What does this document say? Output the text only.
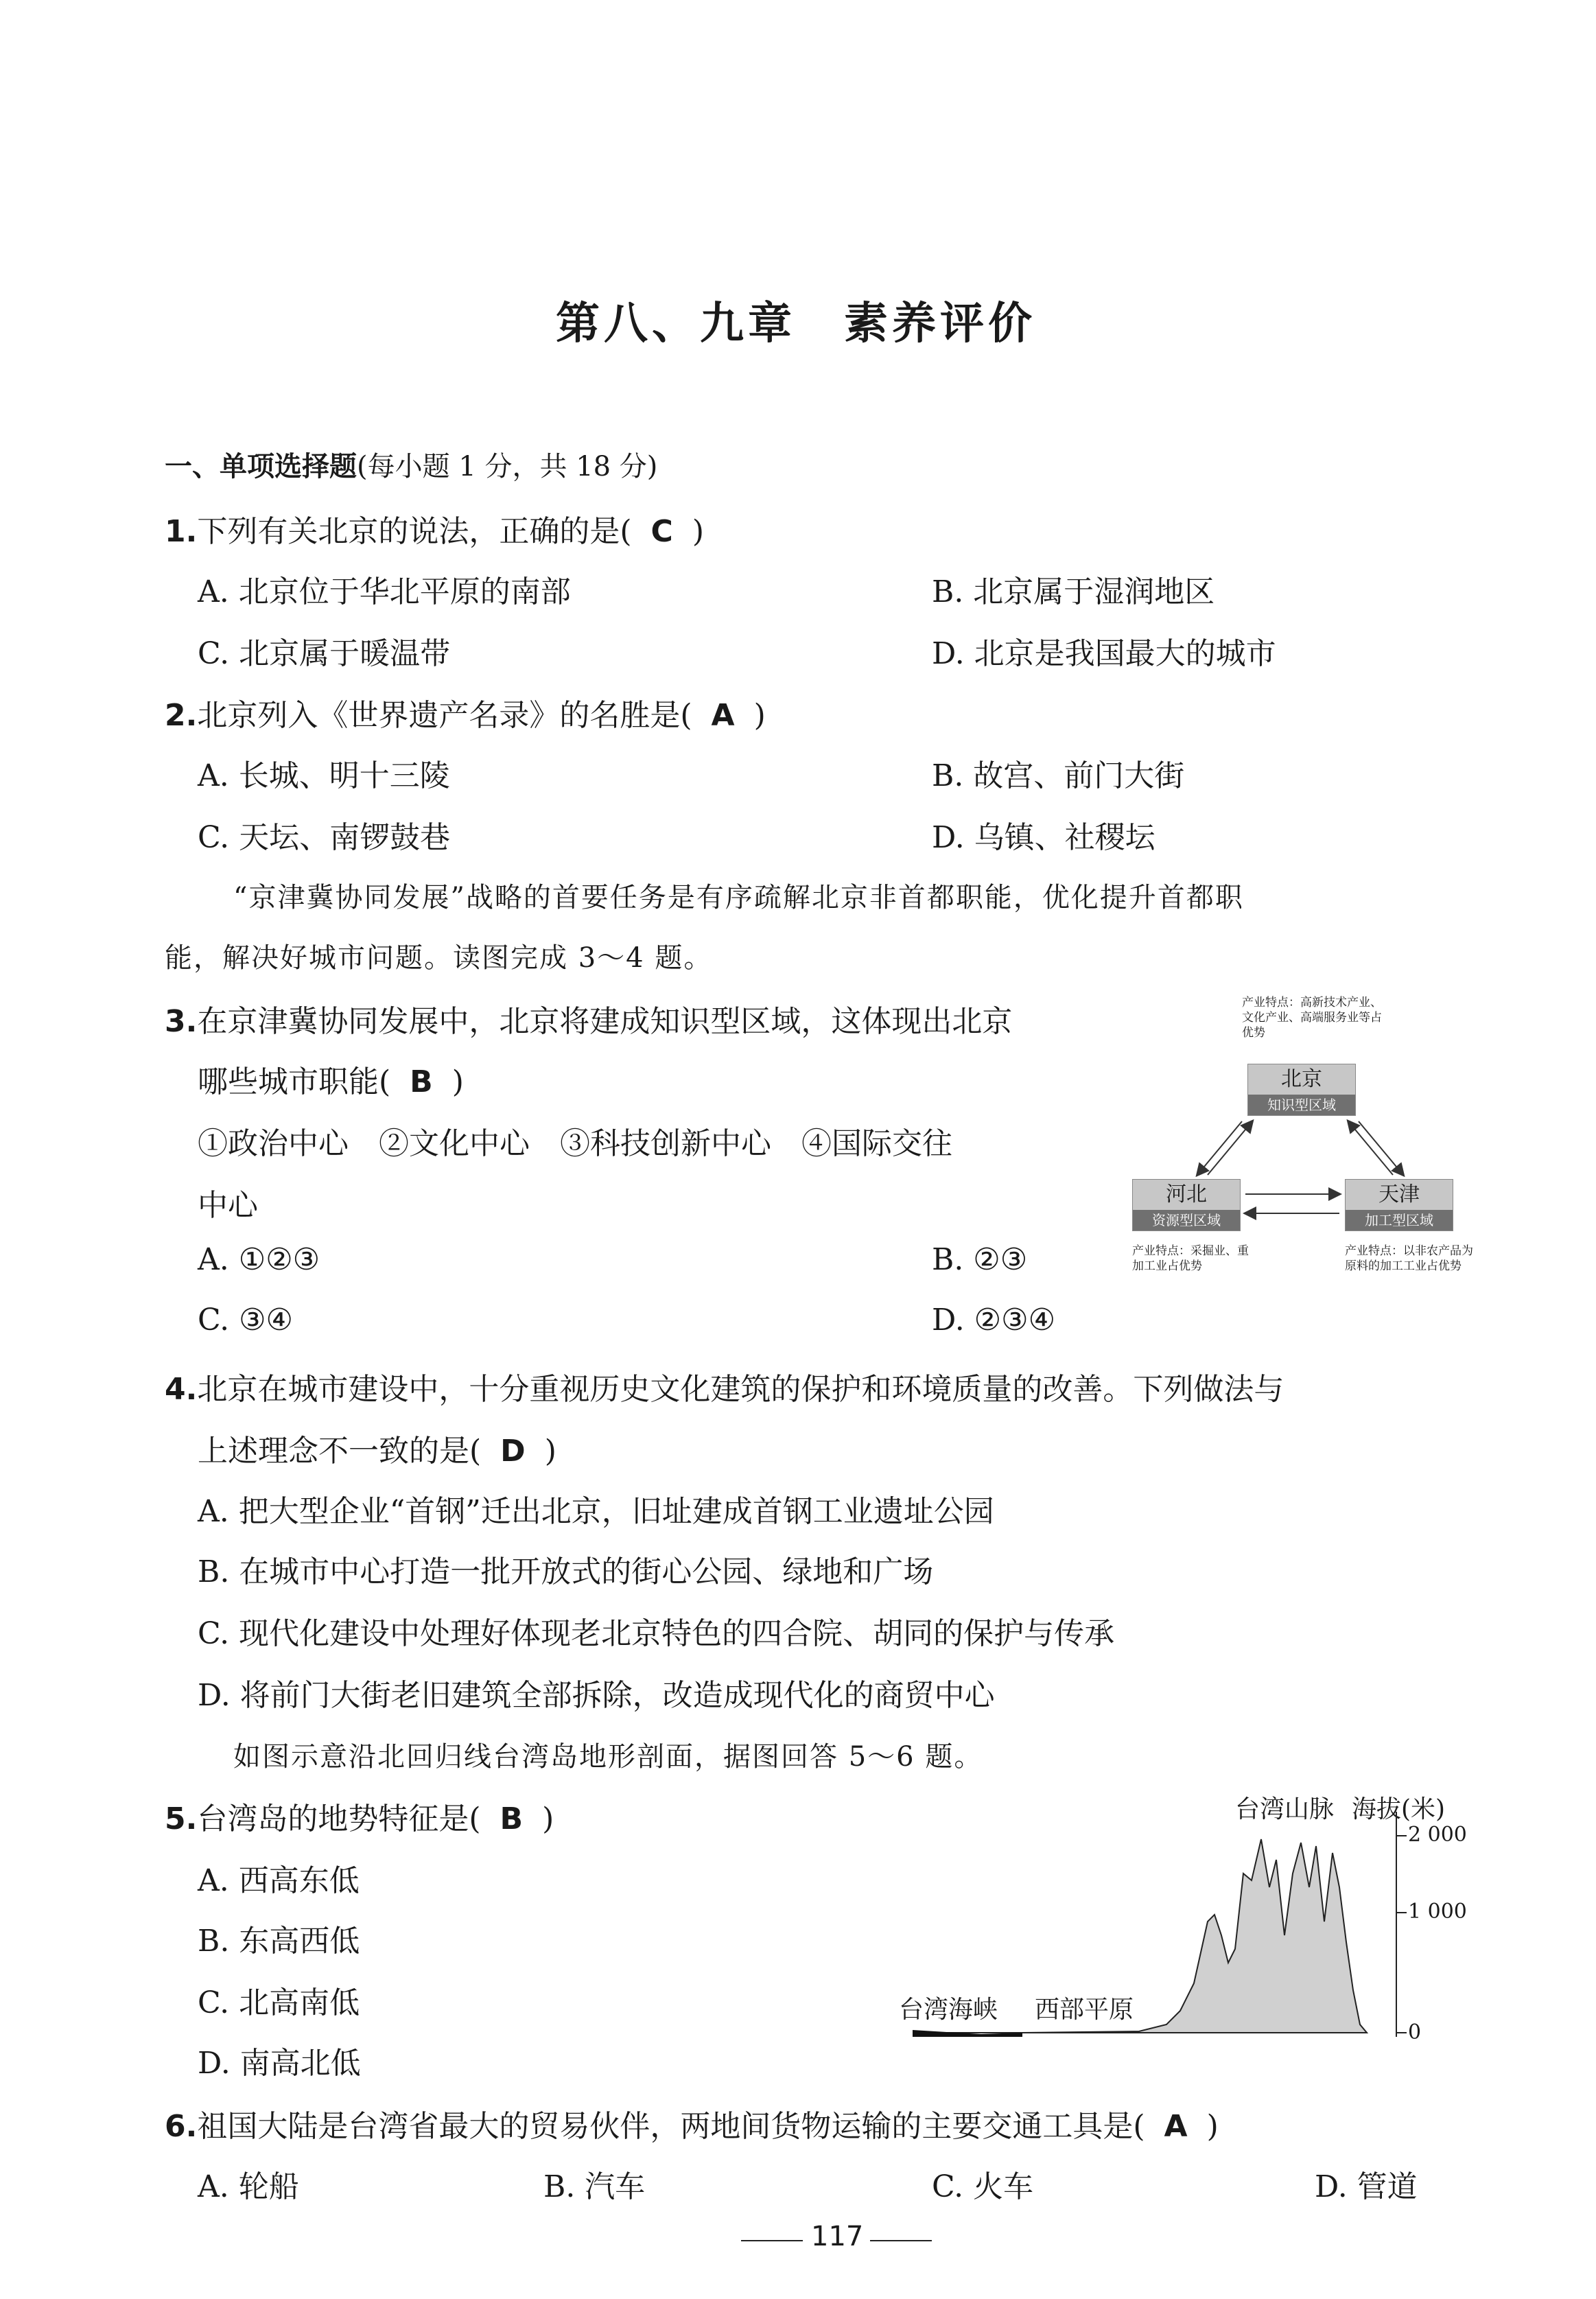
第八、九章　素养评价
一、单项选择题(每小题 1 分，共 18 分)
1.下列有关北京的说法，正确的是( C )
A. 北京位于华北平原的南部	B. 北京属于湿润地区
C. 北京属于暖温带	D. 北京是我国最大的城市
2.北京列入《世界遗产名录》的名胜是( A )
A. 长城、明十三陵	B. 故宫、前门大街
C. 天坛、南锣鼓巷	D. 乌镇、社稷坛
“京津冀协同发展”战略的首要任务是有序疏解北京非首都职能，优化提升首都职
能，解决好城市问题。读图完成 3～4 题。
3.在京津冀协同发展中，北京将建成知识型区域，这体现出北京
哪些城市职能( B )
①政治中心　②文化中心　③科技创新中心　④国际交往
中心
A. ①②③	B. ②③
C. ③④	D. ②③④
产业特点：高新技术产业、文化产业、高端服务业等占优势
北京
知识型区域
河北
资源型区域
天津
加工型区域
产业特点：采掘业、重加工业占优势
产业特点：以非农产品为原料的加工工业占优势
4.北京在城市建设中，十分重视历史文化建筑的保护和环境质量的改善。下列做法与
上述理念不一致的是( D )
A. 把大型企业“首钢”迁出北京，旧址建成首钢工业遗址公园
B. 在城市中心打造一批开放式的街心公园、绿地和广场
C. 现代化建设中处理好体现老北京特色的四合院、胡同的保护与传承
D. 将前门大街老旧建筑全部拆除，改造成现代化的商贸中心
如图示意沿北回归线台湾岛地形剖面，据图回答 5～6 题。
5.台湾岛的地势特征是( B )
A. 西高东低
B. 东高西低
C. 北高南低
D. 南高北低
台湾山脉 海拔(米)
台湾海峡 西部平原
2 000
1 000
0
6.祖国大陆是台湾省最大的贸易伙伴，两地间货物运输的主要交通工具是( A )
A. 轮船	B. 汽车	C. 火车	D. 管道
117
